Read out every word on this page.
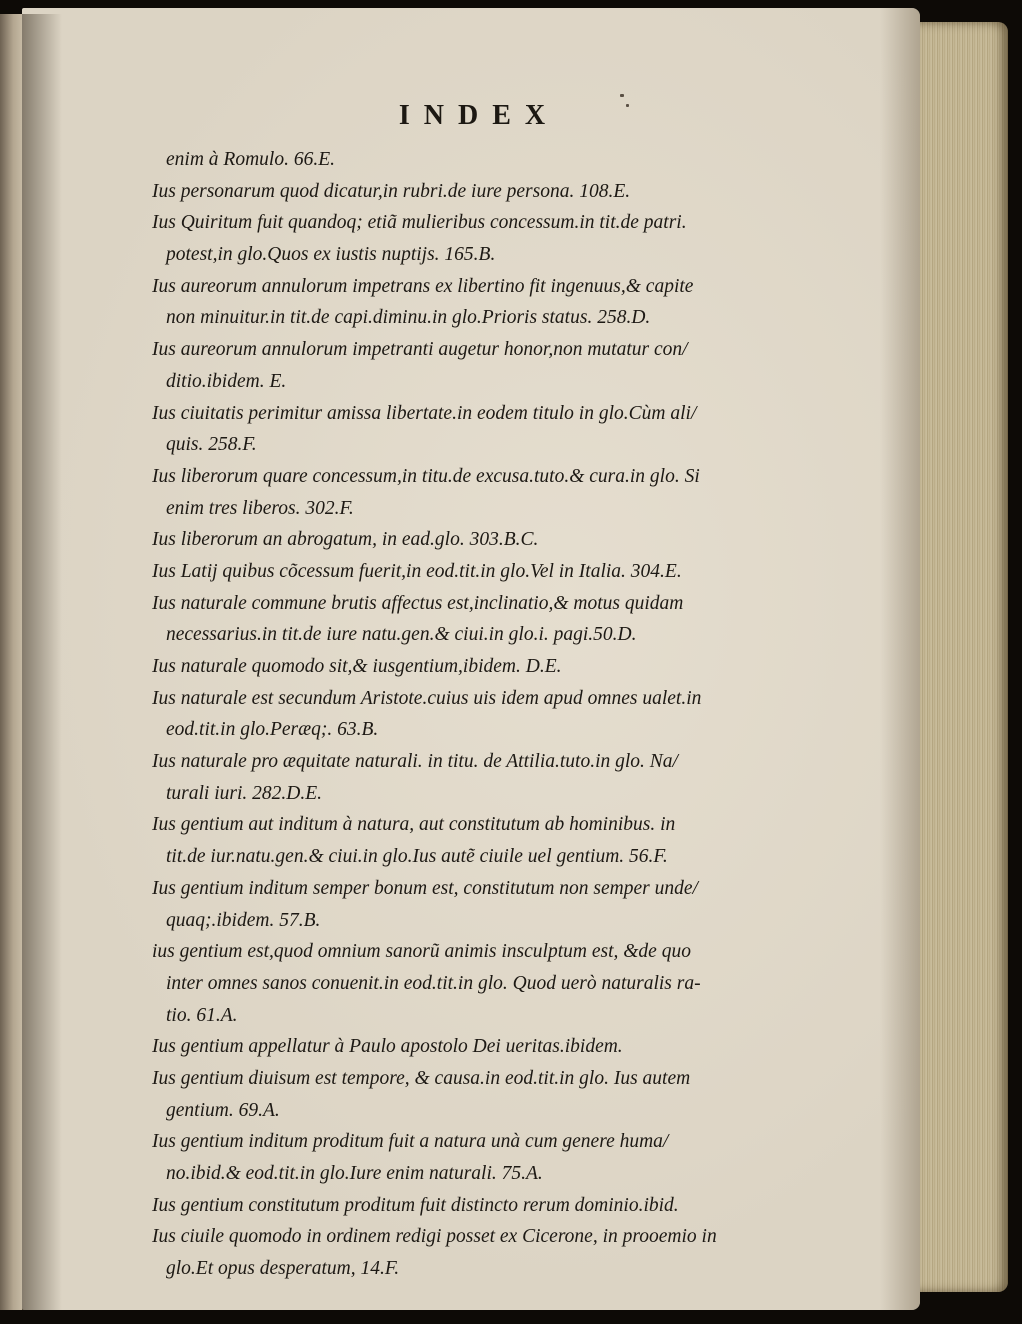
INDEX
enim à Romulo. 66.E.
Ius personarum quod dicatur,in rubri.de iure persona. 108.E.
Ius Quiritum fuit quandoq; etiã mulieribus concessum.in tit.de patri.
potest,in glo.Quos ex iustis nuptijs. 165.B.
Ius aureorum annulorum impetrans ex libertino fit ingenuus,& capite
non minuitur.in tit.de capi.diminu.in glo.Prioris status. 258.D.
Ius aureorum annulorum impetranti augetur honor,non mutatur con/
ditio.ibidem. E.
Ius ciuitatis perimitur amissa libertate.in eodem titulo in glo.Cùm ali/
quis. 258.F.
Ius liberorum quare concessum,in titu.de excusa.tuto.& cura.in glo. Si
enim tres liberos. 302.F.
Ius liberorum an abrogatum, in ead.glo. 303.B.C.
Ius Latij quibus cõcessum fuerit,in eod.tit.in glo.Vel in Italia. 304.E.
Ius naturale commune brutis affectus est,inclinatio,& motus quidam
necessarius.in tit.de iure natu.gen.& ciui.in glo.i. pagi.50.D.
Ius naturale quomodo sit,& iusgentium,ibidem. D.E.
Ius naturale est secundum Aristote.cuius uis idem apud omnes ualet.in
eod.tit.in glo.Peræq;. 63.B.
Ius naturale pro æquitate naturali. in titu. de Attilia.tuto.in glo. Na/
turali iuri. 282.D.E.
Ius gentium aut inditum à natura, aut constitutum ab hominibus. in
tit.de iur.natu.gen.& ciui.in glo.Ius autẽ ciuile uel gentium. 56.F.
Ius gentium inditum semper bonum est, constitutum non semper unde/
quaq;.ibidem. 57.B.
ius gentium est,quod omnium sanorũ animis insculptum est, &de quo
inter omnes sanos conuenit.in eod.tit.in glo. Quod uerò naturalis ra-
tio. 61.A.
Ius gentium appellatur à Paulo apostolo Dei ueritas.ibidem.
Ius gentium diuisum est tempore, & causa.in eod.tit.in glo. Ius autem
gentium. 69.A.
Ius gentium inditum proditum fuit a natura unà cum genere huma/
no.ibid.& eod.tit.in glo.Iure enim naturali. 75.A.
Ius gentium constitutum proditum fuit distincto rerum dominio.ibid.
Ius ciuile quomodo in ordinem redigi posset ex Cicerone, in prooemio in
glo.Et opus desperatum, 14.F.
